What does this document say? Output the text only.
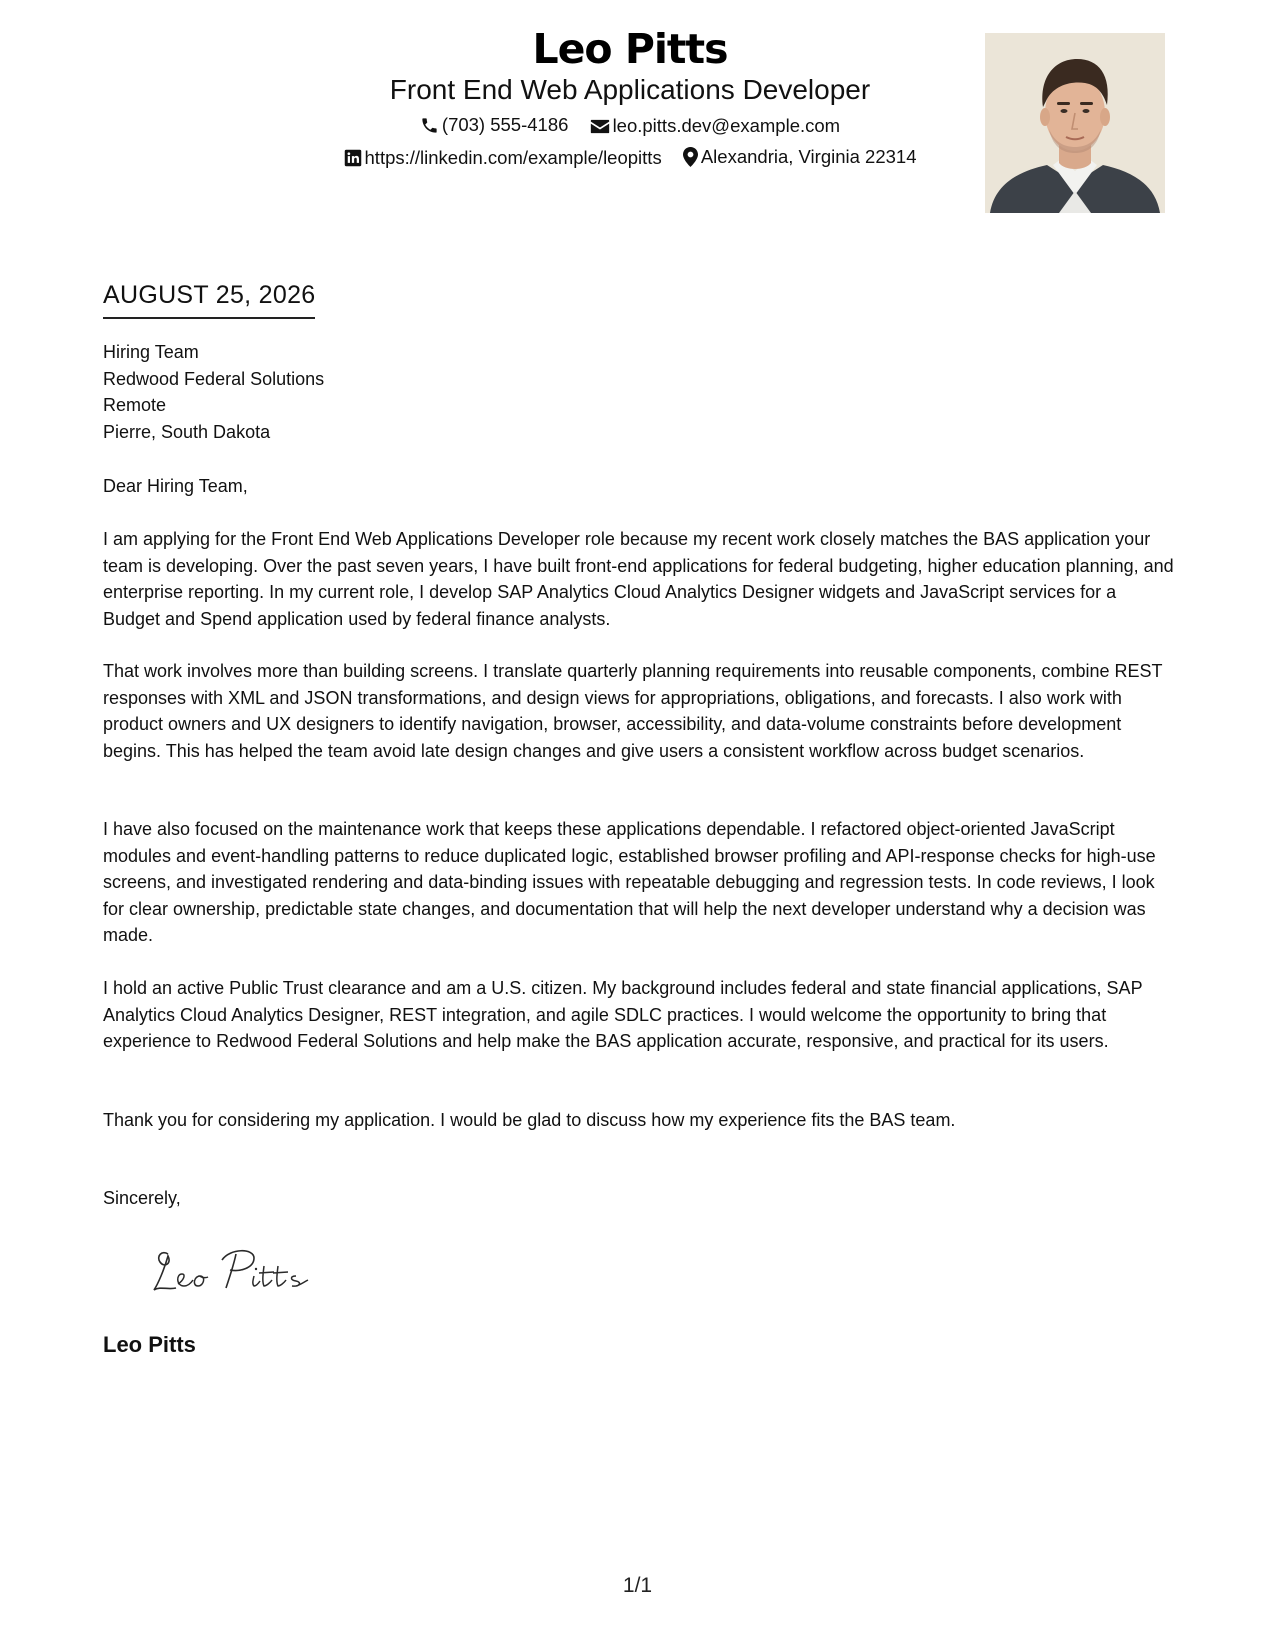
Leo Pitts
Front End Web Applications Developer
(703) 555-4186
leo.pitts.dev@example.com
https://linkedin.com/example/leopitts
Alexandria, Virginia 22314
AUGUST 25, 2026
Hiring Team
Redwood Federal Solutions
Remote
Pierre, South Dakota
Dear Hiring Team,

I am applying for the Front End Web Applications Developer role because my recent work closely matches the BAS application your team is developing. Over the past seven years, I have built front-end applications for federal budgeting, higher education planning, and enterprise reporting. In my current role, I develop SAP Analytics Cloud Analytics Designer widgets and JavaScript services for a Budget and Spend application used by federal finance analysts.

That work involves more than building screens. I translate quarterly planning requirements into reusable components, combine REST responses with XML and JSON transformations, and design views for appropriations, obligations, and forecasts. I also work with product owners and UX designers to identify navigation, browser, accessibility, and data-volume constraints before development begins. This has helped the team avoid late design changes and give users a consistent workflow across budget scenarios.

I have also focused on the maintenance work that keeps these applications dependable. I refactored object-oriented JavaScript modules and event-handling patterns to reduce duplicated logic, established browser profiling and API-response checks for high-use screens, and investigated rendering and data-binding issues with repeatable debugging and regression tests. In code reviews, I look for clear ownership, predictable state changes, and documentation that will help the next developer understand why a decision was made.

I hold an active Public Trust clearance and am a U.S. citizen. My background includes federal and state financial applications, SAP Analytics Cloud Analytics Designer, REST integration, and agile SDLC practices. I would welcome the opportunity to bring that experience to Redwood Federal Solutions and help make the BAS application accurate, responsive, and practical for its users.

Thank you for considering my application. I would be glad to discuss how my experience fits the BAS team.

Sincerely,
Leo Pitts
1/1
